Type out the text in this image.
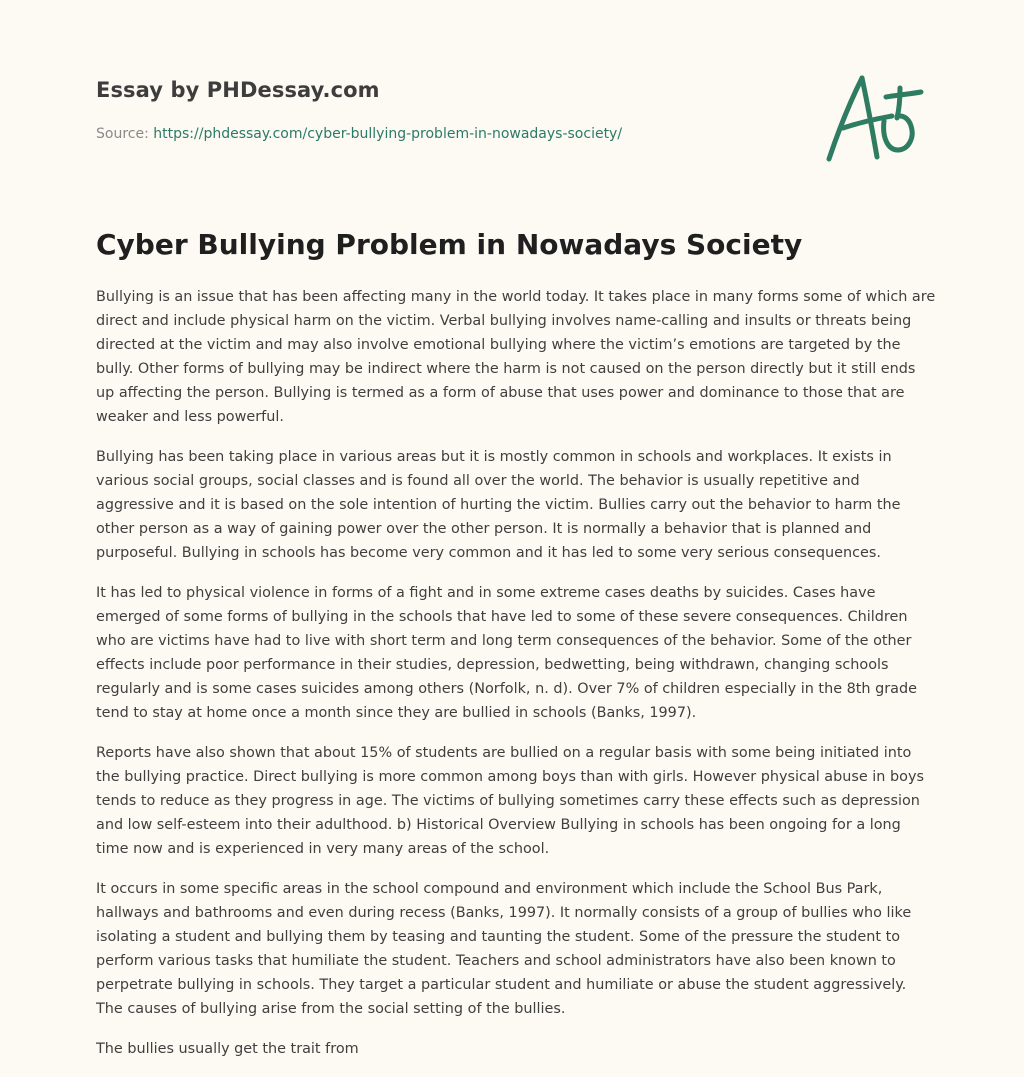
Essay by PHDessay.com
Source: https://phdessay.com/cyber-bullying-problem-in-nowadays-society/
Cyber Bullying Problem in Nowadays Society

Bullying is an issue that has been affecting many in the world today. It takes place in many forms some of which are direct and include physical harm on the victim. Verbal bullying involves name-calling and insults or threats being directed at the victim and may also involve emotional bullying where the victim’s emotions are targeted by the bully. Other forms of bullying may be indirect where the harm is not caused on the person directly but it still ends up affecting the person. Bullying is termed as a form of abuse that uses power and dominance to those that are weaker and less powerful.

Bullying has been taking place in various areas but it is mostly common in schools and workplaces. It exists in various social groups, social classes and is found all over the world. The behavior is usually repetitive and aggressive and it is based on the sole intention of hurting the victim. Bullies carry out the behavior to harm the other person as a way of gaining power over the other person. It is normally a behavior that is planned and purposeful. Bullying in schools has become very common and it has led to some very serious consequences.

It has led to physical violence in forms of a fight and in some extreme cases deaths by suicides. Cases have emerged of some forms of bullying in the schools that have led to some of these severe consequences. Children who are victims have had to live with short term and long term consequences of the behavior. Some of the other effects include poor performance in their studies, depression, bedwetting, being withdrawn, changing schools regularly and is some cases suicides among others (Norfolk, n. d). Over 7% of children especially in the 8th grade tend to stay at home once a month since they are bullied in schools (Banks, 1997).

Reports have also shown that about 15% of students are bullied on a regular basis with some being initiated into the bullying practice. Direct bullying is more common among boys than with girls. However physical abuse in boys tends to reduce as they progress in age. The victims of bullying sometimes carry these effects such as depression and low self-esteem into their adulthood. b) Historical Overview Bullying in schools has been ongoing for a long time now and is experienced in very many areas of the school.

It occurs in some specific areas in the school compound and environment which include the School Bus Park, hallways and bathrooms and even during recess (Banks, 1997). It normally consists of a group of bullies who like isolating a student and bullying them by teasing and taunting the student. Some of the pressure the student to perform various tasks that humiliate the student. Teachers and school administrators have also been known to perpetrate bullying in schools. They target a particular student and humiliate or abuse the student aggressively. The causes of bullying arise from the social setting of the bullies.

The bullies usually get the trait from
